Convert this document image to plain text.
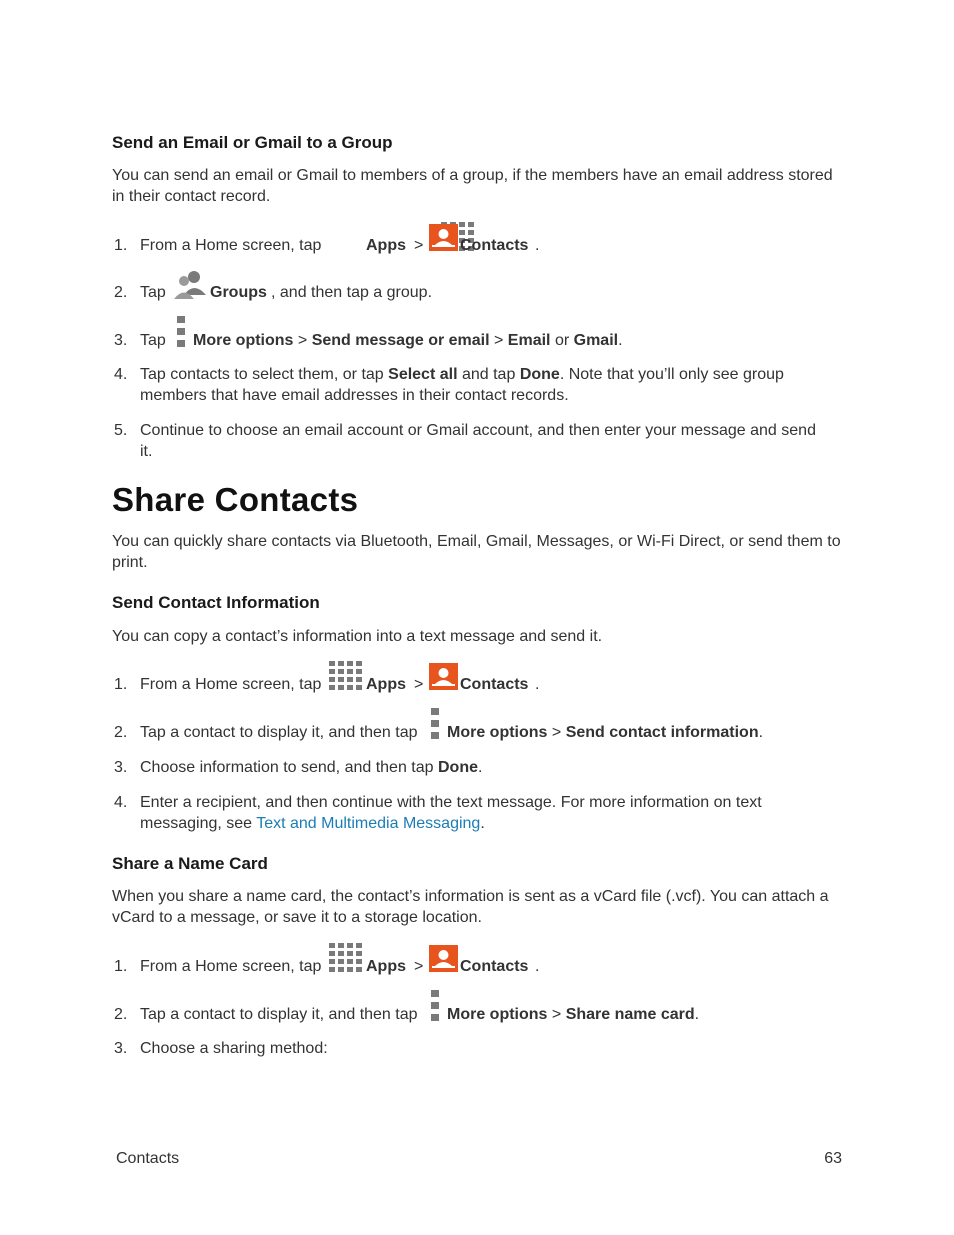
Send an Email or Gmail to a Group
You can send an email or Gmail to members of a group, if the members have an email address stored in their contact record.
1. From a Home screen, tap	Apps > Contacts .
2. Tap	Groups , and then tap a group.
3. Tap More options > Send message or email > Email or Gmail.
4. Tap contacts to select them, or tap Select all and tap Done. Note that you’ll only see group
members that have email addresses in their contact records.
5. Continue to choose an email account or Gmail account, and then enter your message and send
it.
Share Contacts
You can quickly share contacts via Bluetooth, Email, Gmail, Messages, or Wi-Fi Direct, or send them to print.
Send Contact Information
You can copy a contact’s information into a text message and send it.
1. From a Home screen, tap	Apps > Contacts .
2. Tap a contact to display it, and then tap More options > Send contact information.
3. Choose information to send, and then tap Done.
4. Enter a recipient, and then continue with the text message. For more information on text
messaging, see Text and Multimedia Messaging.
Share a Name Card
When you share a name card, the contact’s information is sent as a vCard file (.vcf). You can attach a vCard to a message, or save it to a storage location.
1. From a Home screen, tap	Apps > Contacts .
2. Tap a contact to display it, and then tap More options > Share name card.
3. Choose a sharing method:
Contacts	63
